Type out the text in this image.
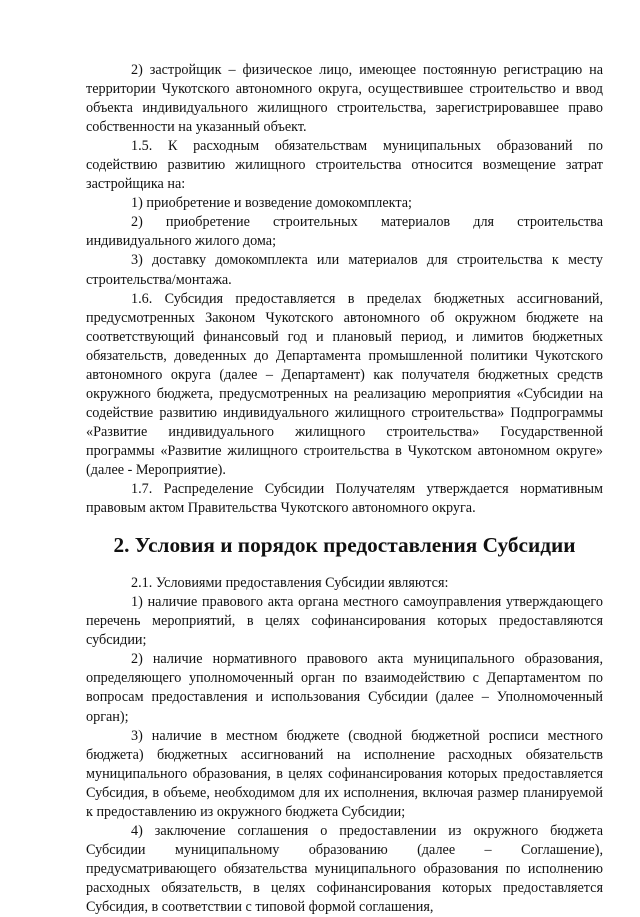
2) застройщик – физическое лицо, имеющее постоянную регистрацию на территории Чукотского автономного округа, осуществившее строительство и ввод объекта индивидуального жилищного строительства, зарегистрировавшее право собственности на указанный объект.

1.5. К расходным обязательствам муниципальных образований по содействию развитию жилищного строительства относится возмещение затрат застройщика на:

1) приобретение и возведение домокомплекта;

2) приобретение строительных материалов для строительства индивидуального жилого дома;

3) доставку домокомплекта или материалов для строительства к месту строительства/монтажа.

1.6. Субсидия предоставляется в пределах бюджетных ассигнований, предусмотренных Законом Чукотского автономного об окружном бюджете на соответствующий финансовый год и плановый период, и лимитов бюджетных обязательств, доведенных до Департамента промышленной политики Чукотского автономного округа (далее – Департамент) как получателя бюджетных средств окружного бюджета, предусмотренных на реализацию мероприятия «Субсидии на содействие развитию индивидуального жилищного строительства» Подпрограммы «Развитие индивидуального жилищного строительства» Государственной программы «Развитие жилищного строительства в Чукотском автономном округе» (далее - Мероприятие).

1.7. Распределение Субсидии Получателям утверждается нормативным правовым актом Правительства Чукотского автономного округа.

2. Условия и порядок предоставления Субсидии

2.1. Условиями предоставления Субсидии являются:

1) наличие правового акта органа местного самоуправления утверждающего перечень мероприятий, в целях софинансирования которых предоставляются субсидии;

2) наличие нормативного правового акта муниципального образования, определяющего уполномоченный орган по взаимодействию с Департаментом по вопросам предоставления и использования Субсидии (далее – Уполномоченный орган);

3) наличие в местном бюджете (сводной бюджетной росписи местного бюджета) бюджетных ассигнований на исполнение расходных обязательств муниципального образования, в целях софинансирования которых предоставляется Субсидия, в объеме, необходимом для их исполнения, включая размер планируемой к предоставлению из окружного бюджета Субсидии;

4) заключение соглашения о предоставлении из окружного бюджета Субсидии муниципальному образованию (далее – Соглашение), предусматривающего обязательства муниципального образования по исполнению расходных обязательств, в целях софинансирования которых предоставляется Субсидия, в соответствии с типовой формой соглашения,
